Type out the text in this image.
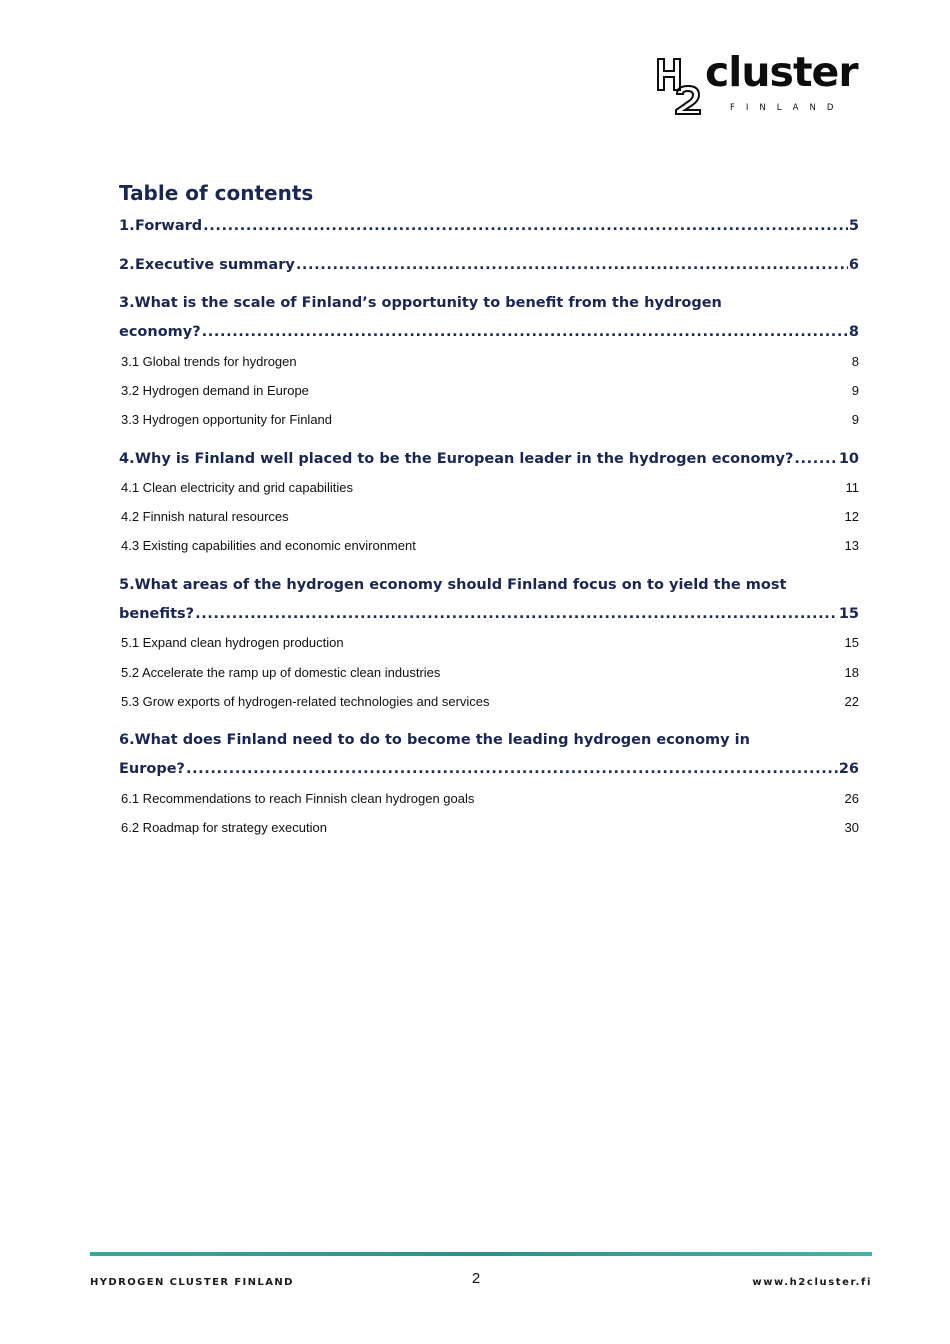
cluster
FINLAND
Table of contents
1. Forward .....	5
2. Executive summary .....	6
3.What is the scale of Finland’s opportunity to benefit from the hydrogen
economy? .....	8
3.1 Global trends for hydrogen	8
3.2 Hydrogen demand in Europe	9
3.3 Hydrogen opportunity for Finland	9
4. Why is Finland well placed to be the European leader in the hydrogen economy? .....	10
4.1 Clean electricity and grid capabilities	11
4.2 Finnish natural resources	12
4.3 Existing capabilities and economic environment	13
5.What areas of the hydrogen economy should Finland focus on to yield the most
benefits? .....	15
5.1 Expand clean hydrogen production	15
5.2 Accelerate the ramp up of domestic clean industries	18
5.3 Grow exports of hydrogen-related technologies and services	22
6.What does Finland need to do to become the leading hydrogen economy in
Europe? .....	26
6.1 Recommendations to reach Finnish clean hydrogen goals	26
6.2 Roadmap for strategy execution	30
HYDROGEN CLUSTER FINLAND	2	www.h2cluster.fi
